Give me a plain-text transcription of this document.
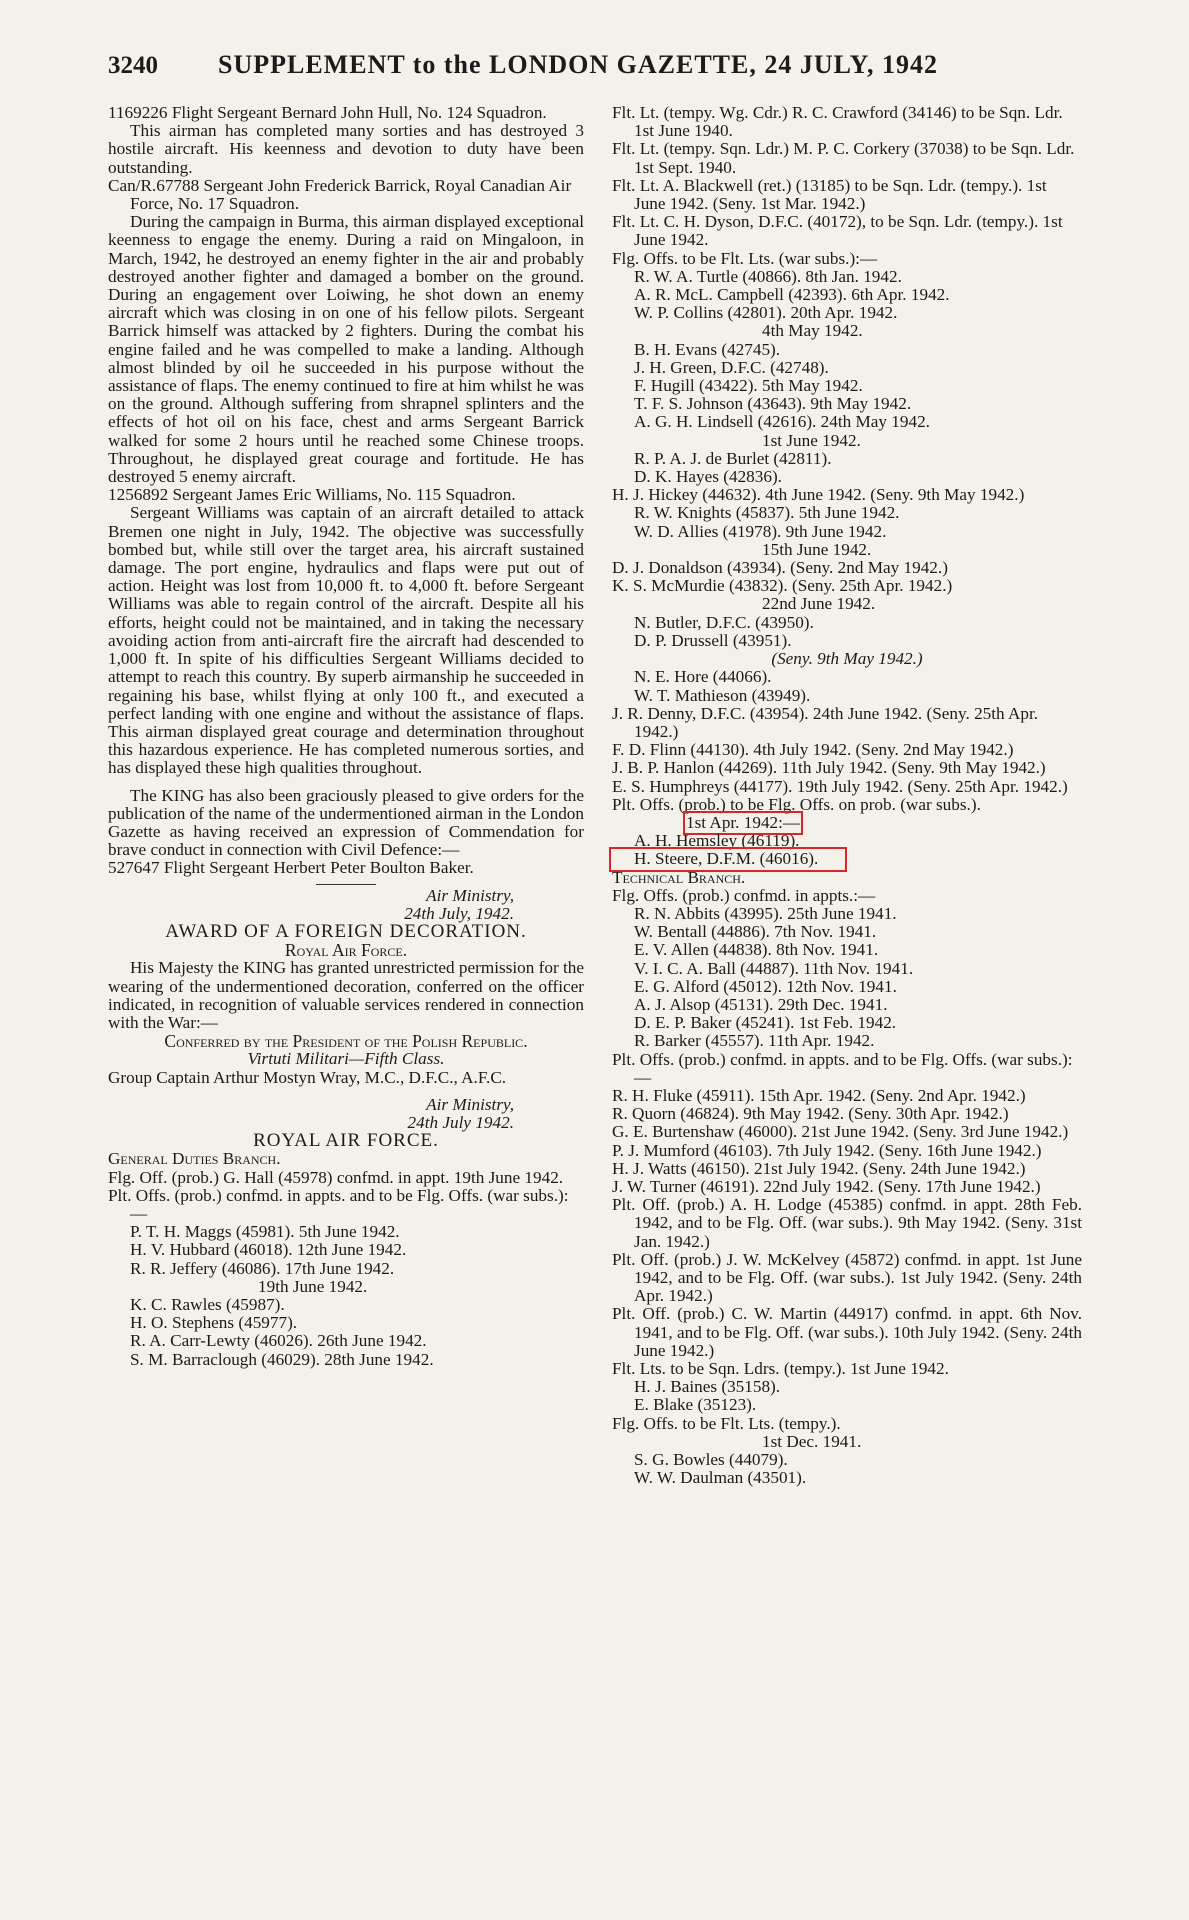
3240	SUPPLEMENT to the LONDON GAZETTE, 24 JULY, 1942

1169226 Flight Sergeant Bernard John Hull, No. 124 Squadron.

This airman has completed many sorties and has destroyed 3 hostile aircraft. His keenness and devotion to duty have been outstanding.

Can/R.67788 Sergeant John Frederick Barrick, Royal Canadian Air Force, No. 17 Squadron.

During the campaign in Burma, this airman displayed exceptional keenness to engage the enemy. During a raid on Mingaloon, in March, 1942, he destroyed an enemy fighter in the air and probably destroyed another fighter and damaged a bomber on the ground. During an engagement over Loiwing, he shot down an enemy aircraft which was closing in on one of his fellow pilots. Sergeant Barrick himself was attacked by 2 fighters. During the combat his engine failed and he was compelled to make a landing. Although almost blinded by oil he succeeded in his purpose without the assistance of flaps. The enemy continued to fire at him whilst he was on the ground. Although suffering from shrapnel splinters and the effects of hot oil on his face, chest and arms Sergeant Barrick walked for some 2 hours until he reached some Chinese troops. Throughout, he displayed great courage and fortitude. He has destroyed 5 enemy aircraft.

1256892 Sergeant James Eric Williams, No. 115 Squadron.

Sergeant Williams was captain of an aircraft detailed to attack Bremen one night in July, 1942. The objective was successfully bombed but, while still over the target area, his aircraft sustained damage. The port engine, hydraulics and flaps were put out of action. Height was lost from 10,000 ft. to 4,000 ft. before Sergeant Williams was able to regain control of the aircraft. Despite all his efforts, height could not be maintained, and in taking the necessary avoiding action from anti-aircraft fire the aircraft had descended to 1,000 ft. In spite of his difficulties Sergeant Williams decided to attempt to reach this country. By superb airmanship he succeeded in regaining his base, whilst flying at only 100 ft., and executed a perfect landing with one engine and without the assistance of flaps. This airman displayed great courage and determination throughout this hazardous experience. He has completed numerous sorties, and has displayed these high qualities throughout.

The KING has also been graciously pleased to give orders for the publication of the name of the undermentioned airman in the London Gazette as having received an expression of Commendation for brave conduct in connection with Civil Defence:—

527647 Flight Sergeant Herbert Peter Boulton Baker.

Air Ministry,

24th July, 1942.

AWARD OF A FOREIGN DECORATION.

Royal Air Force.

His Majesty the KING has granted unrestricted permission for the wearing of the undermentioned decoration, conferred on the officer indicated, in recognition of valuable services rendered in connection with the War:—

Conferred by the President of the Polish Republic.

Virtuti Militari—Fifth Class.

Group Captain Arthur Mostyn Wray, M.C., D.F.C., A.F.C.

Air Ministry,

24th July 1942.

ROYAL AIR FORCE.

General Duties Branch.

Flg. Off. (prob.) G. Hall (45978) confmd. in appt. 19th June 1942.

Plt. Offs. (prob.) confmd. in appts. and to be Flg. Offs. (war subs.):—

P. T. H. Maggs (45981). 5th June 1942.

H. V. Hubbard (46018). 12th June 1942.

R. R. Jeffery (46086). 17th June 1942.

19th June 1942.

K. C. Rawles (45987).

H. O. Stephens (45977).

R. A. Carr-Lewty (46026). 26th June 1942.

S. M. Barraclough (46029). 28th June 1942.

Flt. Lt. (tempy. Wg. Cdr.) R. C. Crawford (34146) to be Sqn. Ldr. 1st June 1940.

Flt. Lt. (tempy. Sqn. Ldr.) M. P. C. Corkery (37038) to be Sqn. Ldr. 1st Sept. 1940.

Flt. Lt. A. Blackwell (ret.) (13185) to be Sqn. Ldr. (tempy.). 1st June 1942. (Seny. 1st Mar. 1942.)

Flt. Lt. C. H. Dyson, D.F.C. (40172), to be Sqn. Ldr. (tempy.). 1st June 1942.

Flg. Offs. to be Flt. Lts. (war subs.):—

R. W. A. Turtle (40866). 8th Jan. 1942.

A. R. McL. Campbell (42393). 6th Apr. 1942.

W. P. Collins (42801). 20th Apr. 1942.

4th May 1942.

B. H. Evans (42745).

J. H. Green, D.F.C. (42748).

F. Hugill (43422). 5th May 1942.

T. F. S. Johnson (43643). 9th May 1942.

A. G. H. Lindsell (42616). 24th May 1942.

1st June 1942.

R. P. A. J. de Burlet (42811).

D. K. Hayes (42836).

H. J. Hickey (44632). 4th June 1942. (Seny. 9th May 1942.)

R. W. Knights (45837). 5th June 1942.

W. D. Allies (41978). 9th June 1942.

15th June 1942.

D. J. Donaldson (43934). (Seny. 2nd May 1942.)

K. S. McMurdie (43832). (Seny. 25th Apr. 1942.)

22nd June 1942.

N. Butler, D.F.C. (43950).

D. P. Drussell (43951).

(Seny. 9th May 1942.)

N. E. Hore (44066).

W. T. Mathieson (43949).

J. R. Denny, D.F.C. (43954). 24th June 1942. (Seny. 25th Apr. 1942.)

F. D. Flinn (44130). 4th July 1942. (Seny. 2nd May 1942.)

J. B. P. Hanlon (44269). 11th July 1942. (Seny. 9th May 1942.)

E. S. Humphreys (44177). 19th July 1942. (Seny. 25th Apr. 1942.)

Plt. Offs. (prob.) to be Flg. Offs. on prob. (war subs.).

1st Apr. 1942:—

A. H. Hemsley (46119).

H. Steere, D.F.M. (46016).

Technical Branch.

Flg. Offs. (prob.) confmd. in appts.:—

R. N. Abbits (43995). 25th June 1941.

W. Bentall (44886). 7th Nov. 1941.

E. V. Allen (44838). 8th Nov. 1941.

V. I. C. A. Ball (44887). 11th Nov. 1941.

E. G. Alford (45012). 12th Nov. 1941.

A. J. Alsop (45131). 29th Dec. 1941.

D. E. P. Baker (45241). 1st Feb. 1942.

R. Barker (45557). 11th Apr. 1942.

Plt. Offs. (prob.) confmd. in appts. and to be Flg. Offs. (war subs.):—

R. H. Fluke (45911). 15th Apr. 1942. (Seny. 2nd Apr. 1942.)

R. Quorn (46824). 9th May 1942. (Seny. 30th Apr. 1942.)

G. E. Burtenshaw (46000). 21st June 1942. (Seny. 3rd June 1942.)

P. J. Mumford (46103). 7th July 1942. (Seny. 16th June 1942.)

H. J. Watts (46150). 21st July 1942. (Seny. 24th June 1942.)

J. W. Turner (46191). 22nd July 1942. (Seny. 17th June 1942.)

Plt. Off. (prob.) A. H. Lodge (45385) confmd. in appt. 28th Feb. 1942, and to be Flg. Off. (war subs.). 9th May 1942. (Seny. 31st Jan. 1942.)

Plt. Off. (prob.) J. W. McKelvey (45872) confmd. in appt. 1st June 1942, and to be Flg. Off. (war subs.). 1st July 1942. (Seny. 24th Apr. 1942.)

Plt. Off. (prob.) C. W. Martin (44917) confmd. in appt. 6th Nov. 1941, and to be Flg. Off. (war subs.). 10th July 1942. (Seny. 24th June 1942.)

Flt. Lts. to be Sqn. Ldrs. (tempy.). 1st June 1942.

H. J. Baines (35158).

E. Blake (35123).

Flg. Offs. to be Flt. Lts. (tempy.).

1st Dec. 1941.

S. G. Bowles (44079).

W. W. Daulman (43501).
